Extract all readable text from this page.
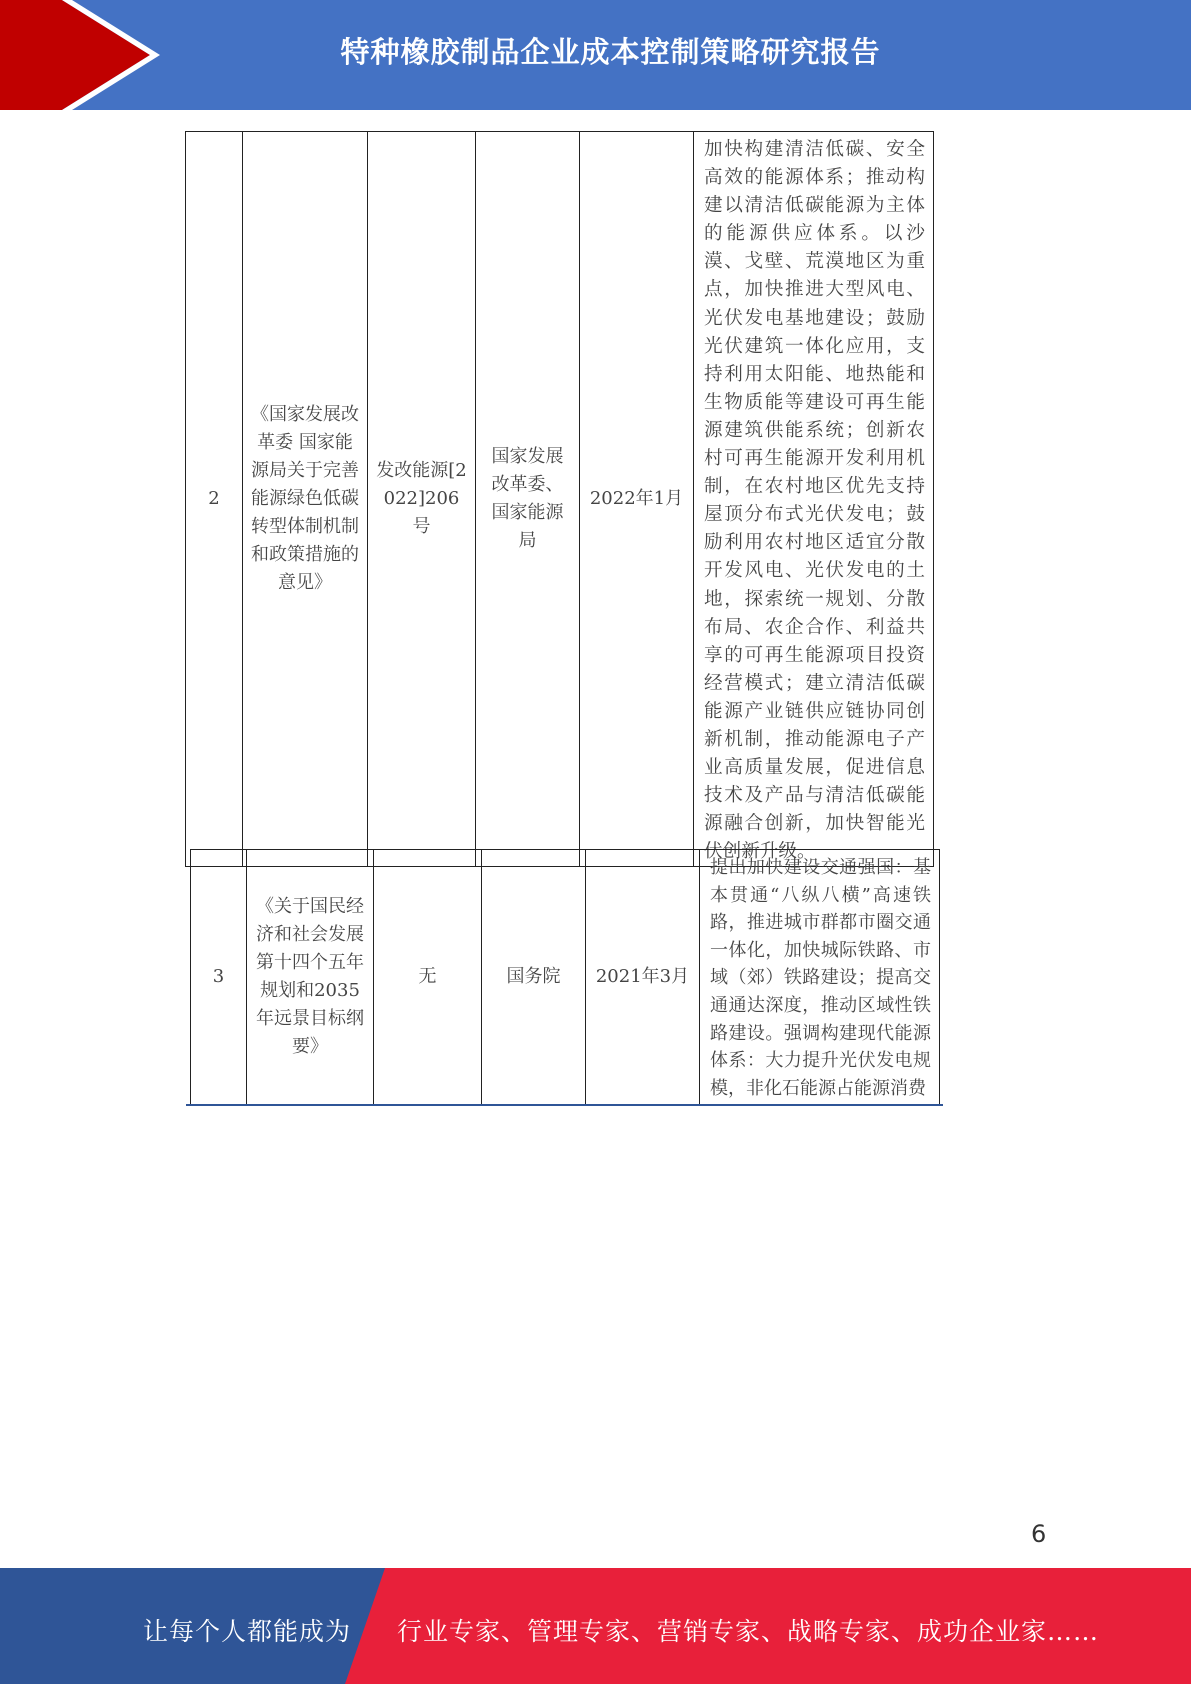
特种橡胶制品企业成本控制策略研究报告
2	《国家发展改革委 国家能源局关于完善能源绿色低碳转型体制机制和政策措施的意见》	发改能源[2022]206号	国家发展改革委、国家能源局	2022年1月	加快构建清洁低碳、安全高效的能源体系；推动构建以清洁低碳能源为主体的能源供应体系。以沙漠、戈壁、荒漠地区为重点，加快推进大型风电、光伏发电基地建设；鼓励光伏建筑一体化应用，支持利用太阳能、地热能和生物质能等建设可再生能源建筑供能系统；创新农村可再生能源开发利用机制，在农村地区优先支持屋顶分布式光伏发电；鼓励利用农村地区适宜分散开发风电、光伏发电的土地，探索统一规划、分散布局、农企合作、利益共享的可再生能源项目投资经营模式；建立清洁低碳能源产业链供应链协同创新机制，推动能源电子产业高质量发展，促进信息技术及产品与清洁低碳能源融合创新，加快智能光伏创新升级。
3	《关于国民经济和社会发展第十四个五年规划和2035年远景目标纲要》	无	国务院	2021年3月	提出加快建设交通强国：基本贯通“八纵八横”高速铁路，推进城市群都市圈交通一体化，加快城际铁路、市域（郊）铁路建设；提高交通通达深度，推动区域性铁路建设。强调构建现代能源体系：大力提升光伏发电规模，非化石能源占能源消费
6
让每个人都能成为 行业专家、管理专家、营销专家、战略专家、成功企业家……
